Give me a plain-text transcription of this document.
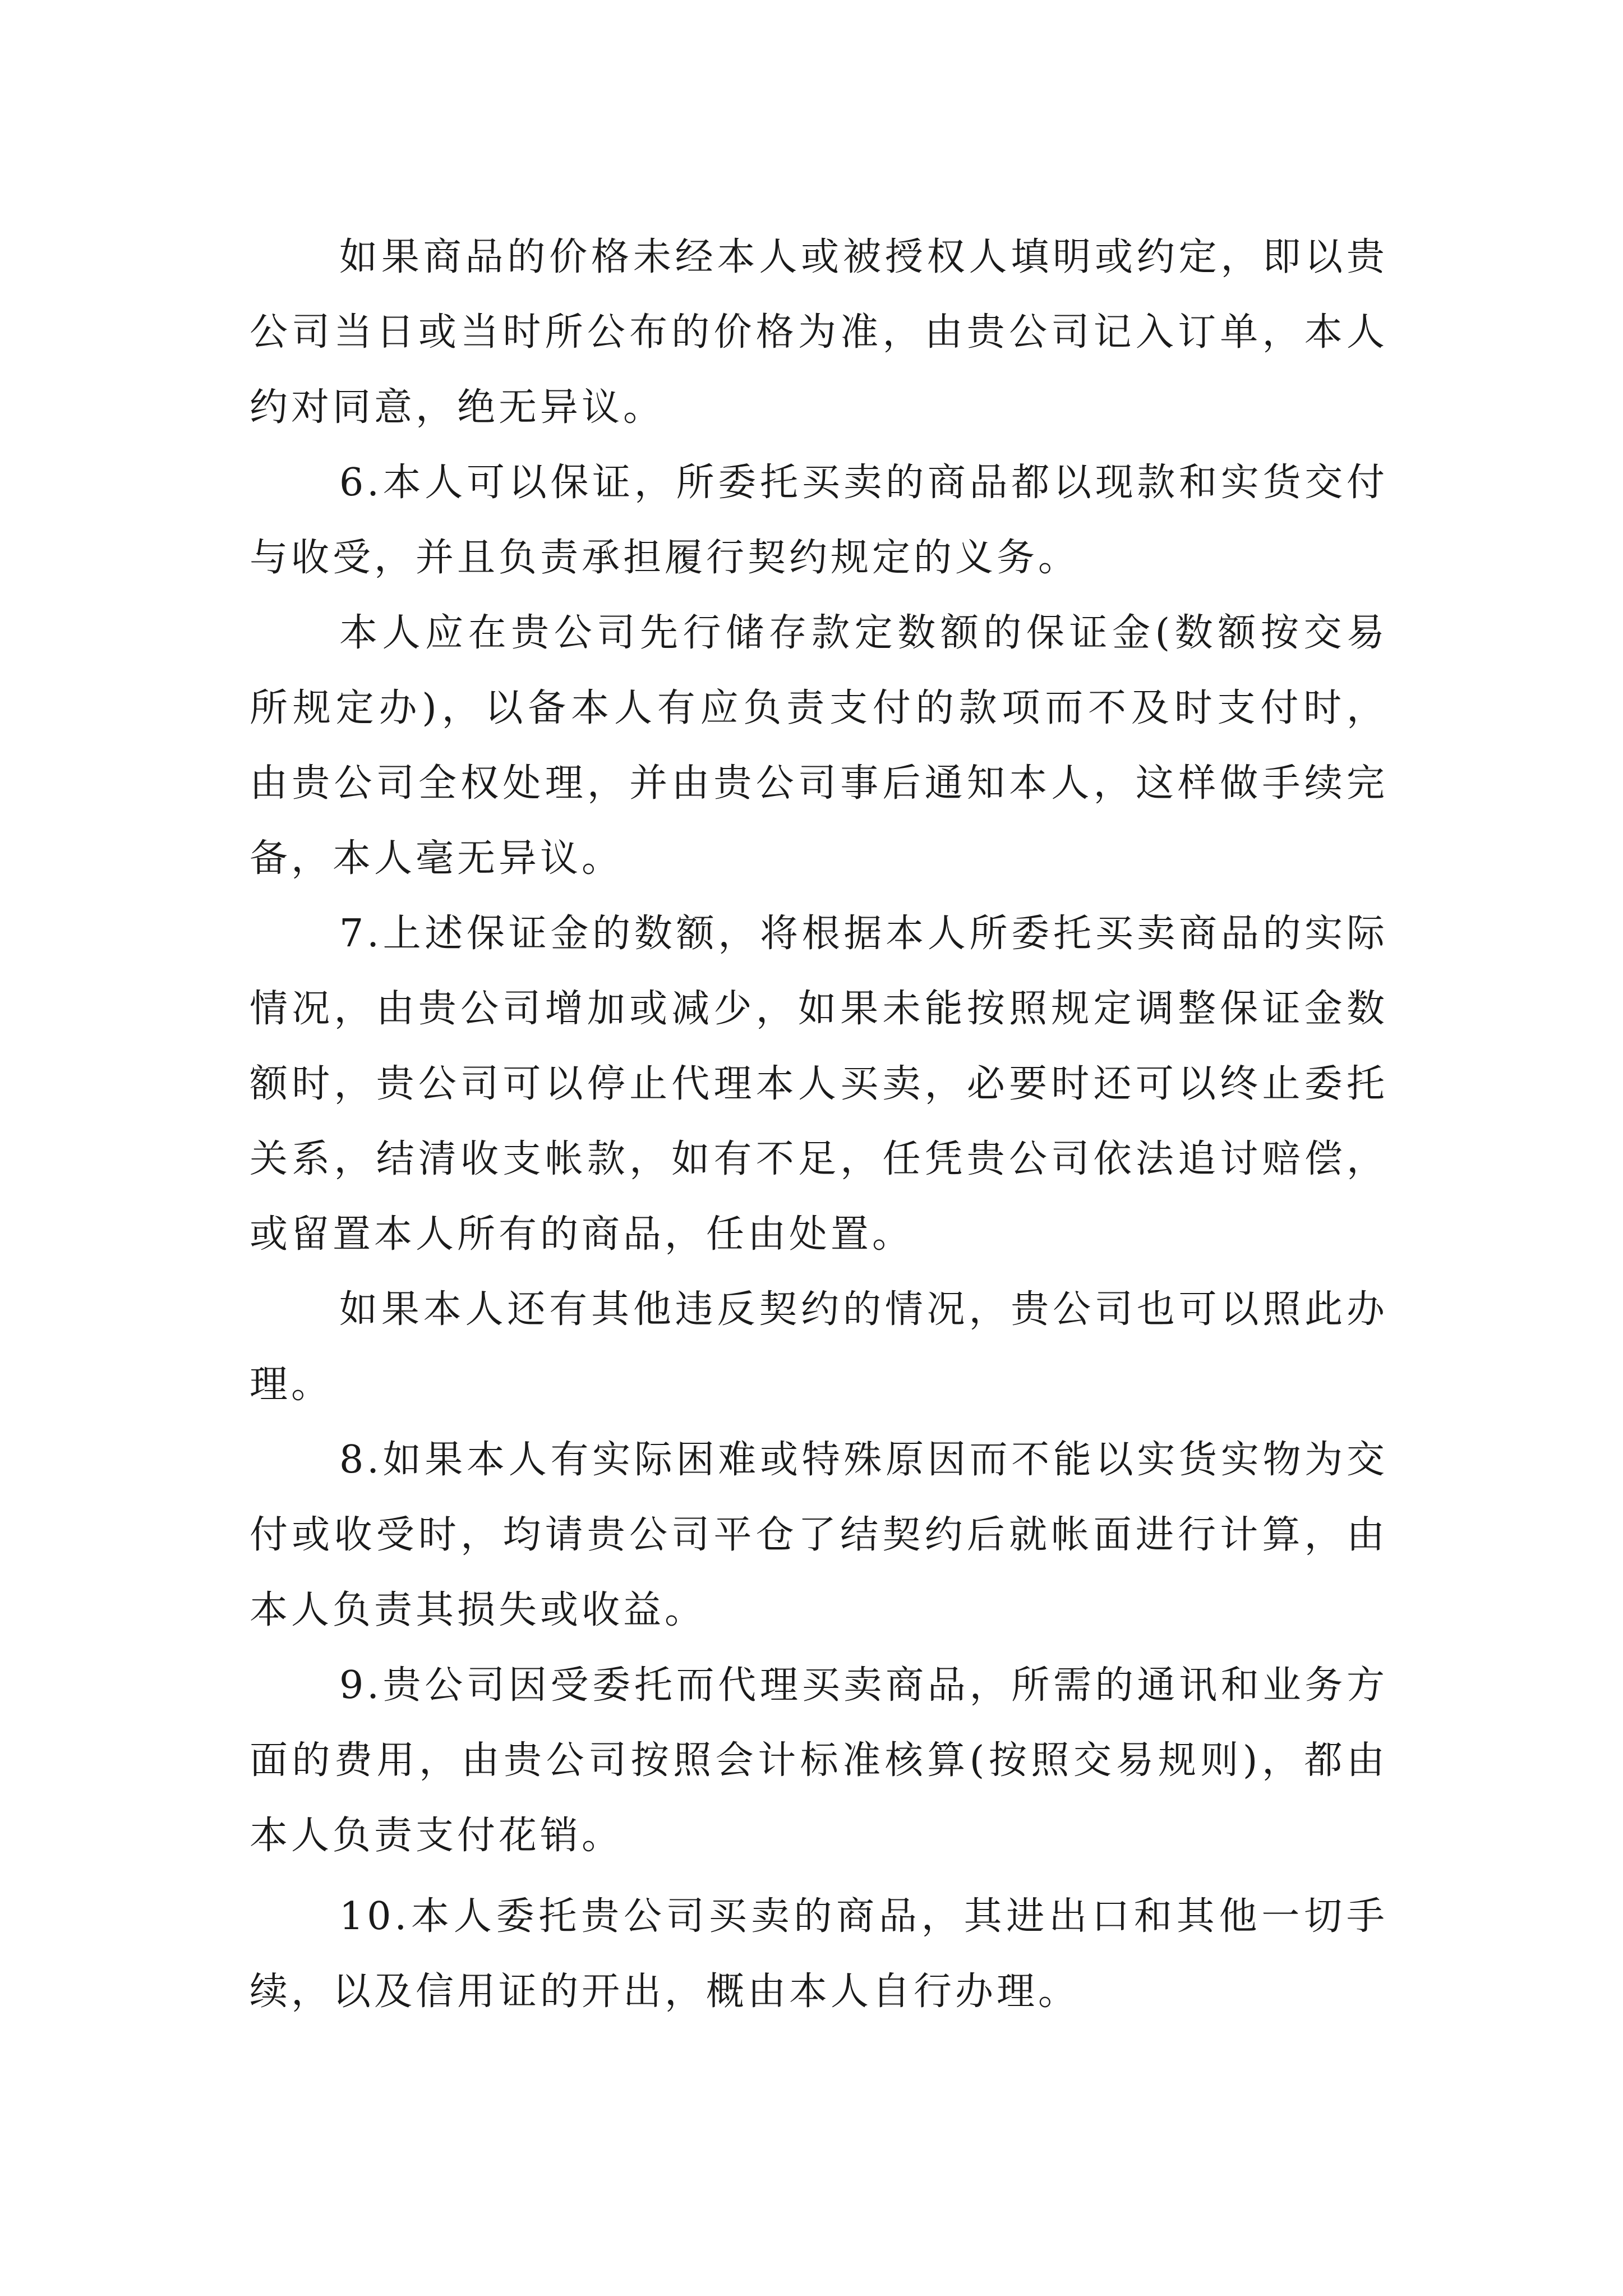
如果商品的价格未经本人或被授权人填明或约定，即以贵公司当日或当时所公布的价格为准，由贵公司记入订单，本人约对同意，绝无异议。

6.本人可以保证，所委托买卖的商品都以现款和实货交付与收受，并且负责承担履行契约规定的义务。

本人应在贵公司先行储存款定数额的保证金(数额按交易所规定办)，以备本人有应负责支付的款项而不及时支付时，由贵公司全权处理，并由贵公司事后通知本人，这样做手续完备，本人毫无异议。

7.上述保证金的数额，将根据本人所委托买卖商品的实际情况，由贵公司增加或减少，如果未能按照规定调整保证金数额时，贵公司可以停止代理本人买卖，必要时还可以终止委托关系，结清收支帐款，如有不足，任凭贵公司依法追讨赔偿，或留置本人所有的商品，任由处置。

如果本人还有其他违反契约的情况，贵公司也可以照此办理。

8.如果本人有实际困难或特殊原因而不能以实货实物为交付或收受时，均请贵公司平仓了结契约后就帐面进行计算，由本人负责其损失或收益。

9.贵公司因受委托而代理买卖商品，所需的通讯和业务方面的费用，由贵公司按照会计标准核算(按照交易规则)，都由本人负责支付花销。

10.本人委托贵公司买卖的商品，其进出口和其他一切手续，以及信用证的开出，概由本人自行办理。
